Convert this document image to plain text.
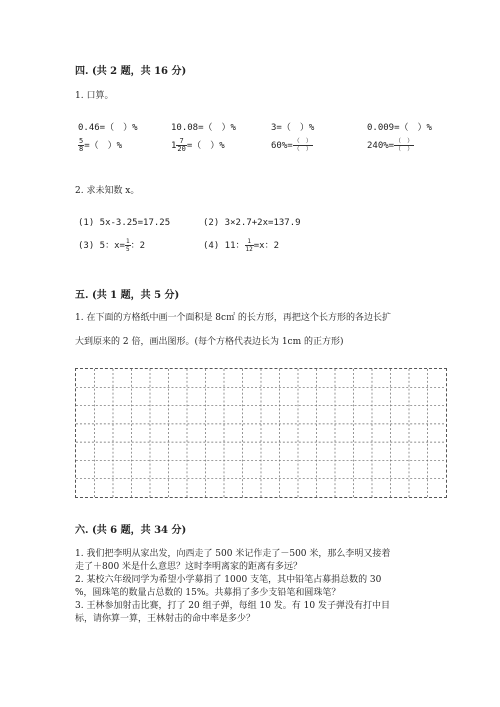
四. (共 2 题，共 16 分)
1. 口算。
0.46=（　）%	10.08=（　）%	3=（　）%	0.009=（　）%
$\frac{5}{8}$ =（　）%	$1 \frac{7}{20}$ =（　）%	$60\%= \frac{( )}{( )}$	$240\%= \frac{( )}{( )}$
2. 求未知数 x。
(1) 5x-3.25=17.25	(2) 3×2.7+2x=137.9
(3) 5：$x= \frac{1}{5}$ ：2	(4) 11： $\frac{1}{12} =x$：2
五. (共 1 题，共 5 分)
1. 在下面的方格纸中画一个面积是 8c㎡ 的长方形，再把这个长方形的各边长扩
大到原来的 2 倍，画出图形。(每个方格代表边长为 1cm 的正方形)
六. (共 6 题，共 34 分)
1. 我们把李明从家出发，向西走了 500 米记作走了－500 米，那么李明又接着
走了＋800 米是什么意思？这时李明离家的距离有多远？
2. 某校六年级同学为希望小学募捐了 1000 支笔，其中铅笔占募捐总数的 30
%，圆珠笔的数量占总数的 15%。共募捐了多少支铅笔和圆珠笔？
3. 王林参加射击比赛，打了 20 组子弹，每组 10 发。有 10 发子弹没有打中目
标，请你算一算，王林射击的命中率是多少？
